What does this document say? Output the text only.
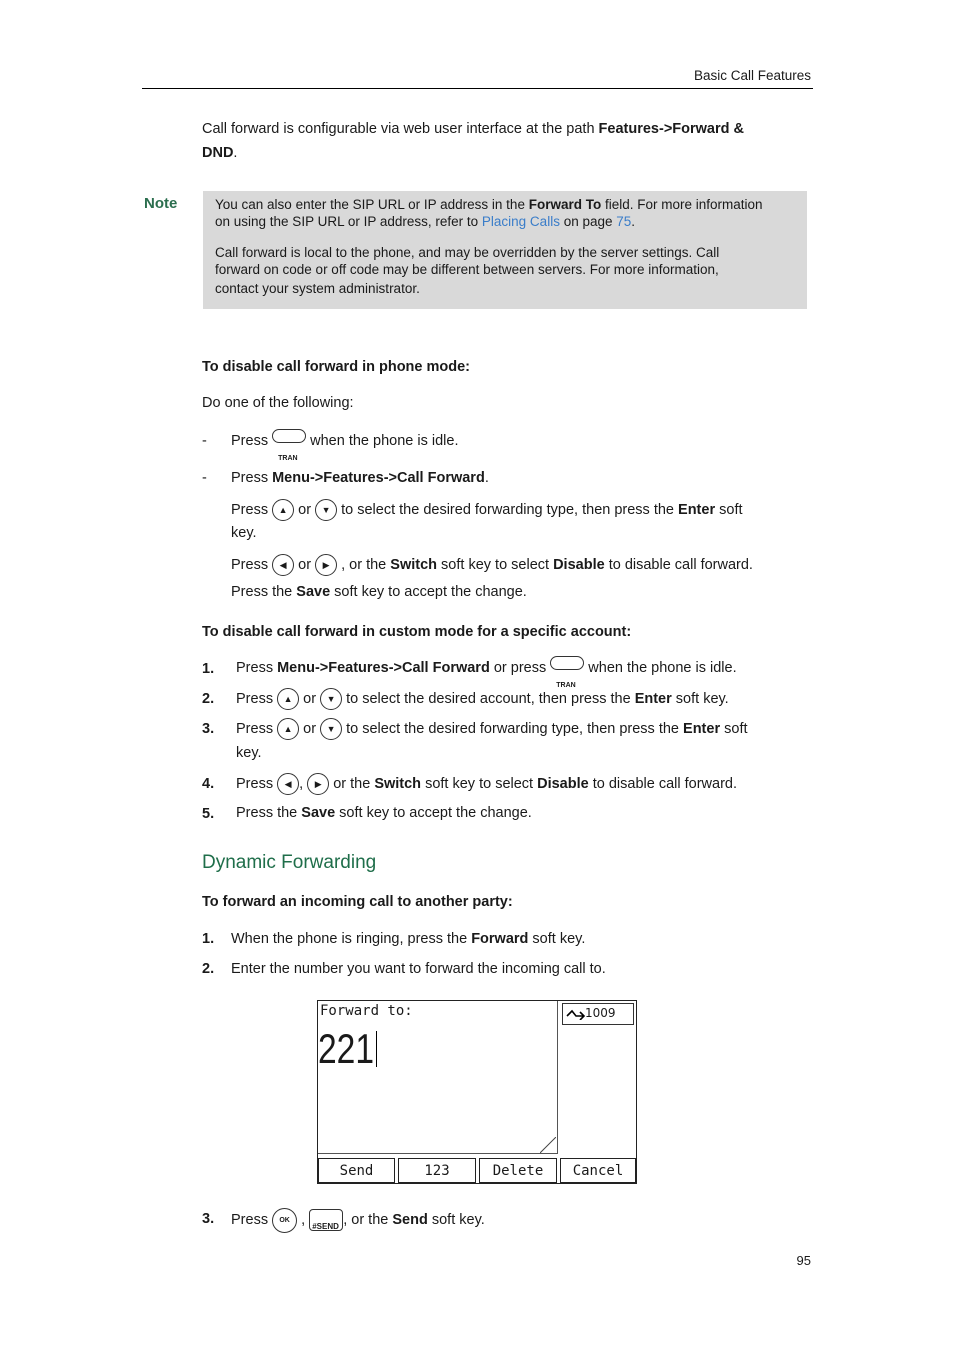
Basic Call Features
Call forward is configurable via web user interface at the path Features->Forward &
DND.
Note	You can also enter the SIP URL or IP address in the Forward To field. For more information
on using the SIP URL or IP address, refer to Placing Calls on page 75.
Call forward is local to the phone, and may be overridden by the server settings. Call
forward on code or off code may be different between servers. For more information,
contact your system administrator.
To disable call forward in phone mode:
Do one of the following:
- Press
TRAN
when the phone is idle.
- Press Menu->Features->Call Forward.
Press	▲ or	▼ to select the desired forwarding type, then press the Enter soft
key.
Press	◀ or	▶ , or the Switch soft key to select Disable to disable call forward.
Press the Save soft key to accept the change.
To disable call forward in custom mode for a specific account:
1. Press Menu->Features->Call Forward or press
TRAN
when the phone is idle.
2. Press	▲ or	▼ to select the desired account, then press the Enter soft key.
3. Press	▲ or	▼ to select the desired forwarding type, then press the Enter soft
key.
4. Press	◀ ,	▶ or the Switch soft key to select Disable to disable call forward.
5. Press the Save soft key to accept the change.
Dynamic Forwarding
To forward an incoming call to another party:
1. When the phone is ringing, press the Forward soft key.
2. Enter the number you want to forward the incoming call to.
Forward to:
221
1009
Send	123	Delete	Cancel
3. Press	OK , #SEND , or the Send soft key.
95
